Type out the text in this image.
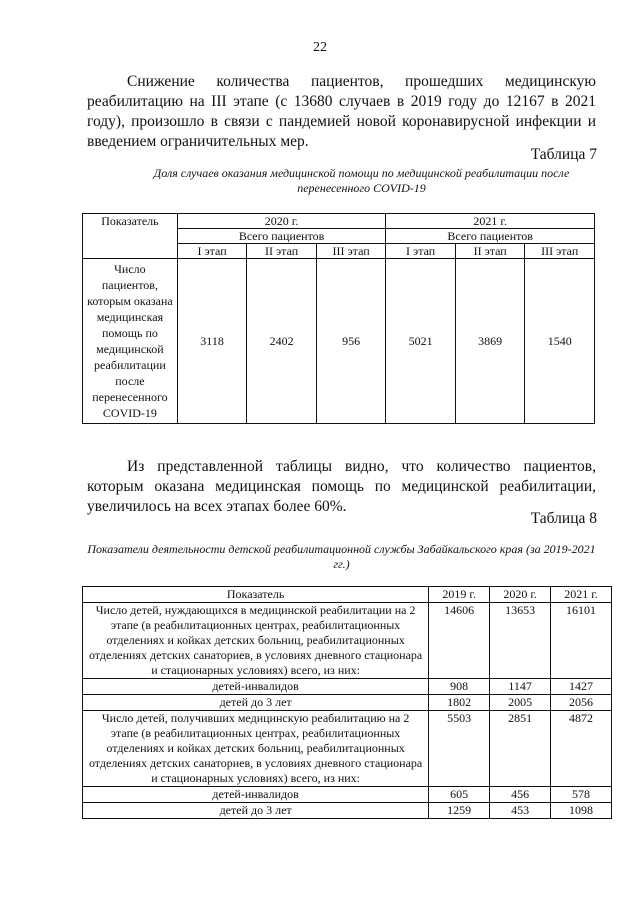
22

Снижение количества пациентов, прошедших медицинскую реабилитацию на III этапе (с 13680 случаев в 2019 году до 12167 в 2021 году), произошло в связи с пандемией новой коронавирусной инфекции и введением ограничительных мер.

Таблица 7
Доля случаев оказания медицинской помощи по медицинской реабилитации после перенесенного COVID-19
Показатель	2020 г.			2021 г.		
	Всего пациентов			Всего пациентов		
	I этап	II этап	III этап	I этап	II этап	III этап
Число пациентов, которым оказана медицинская помощь по медицинской реабилитации после перенесенного COVID-19	3118	2402	956	5021	3869	1540

Из представленной таблицы видно, что количество пациентов, которым оказана медицинская помощь по медицинской реабилитации, увеличилось на всех этапах более 60%.

Таблица 8
Показатели деятельности детской реабилитационной службы Забайкальского края (за 2019-2021 гг.)
Показатель	2019 г.	2020 г.	2021 г.
Число детей, нуждающихся в медицинской реабилитации на 2 этапе (в реабилитационных центрах, реабилитационных отделениях и койках детских больниц, реабилитационных отделениях детских санаториев, в условиях дневного стационара и стационарных условиях) всего, из них:	14606	13653	16101
детей-инвалидов	908	1147	1427
детей до 3 лет	1802	2005	2056
Число детей, получивших медицинскую реабилитацию на 2 этапе (в реабилитационных центрах, реабилитационных отделениях и койках детских больниц, реабилитационных отделениях детских санаториев, в условиях дневного стационара и стационарных условиях) всего, из них:	5503	2851	4872
детей-инвалидов	605	456	578
детей до 3 лет	1259	453	1098
